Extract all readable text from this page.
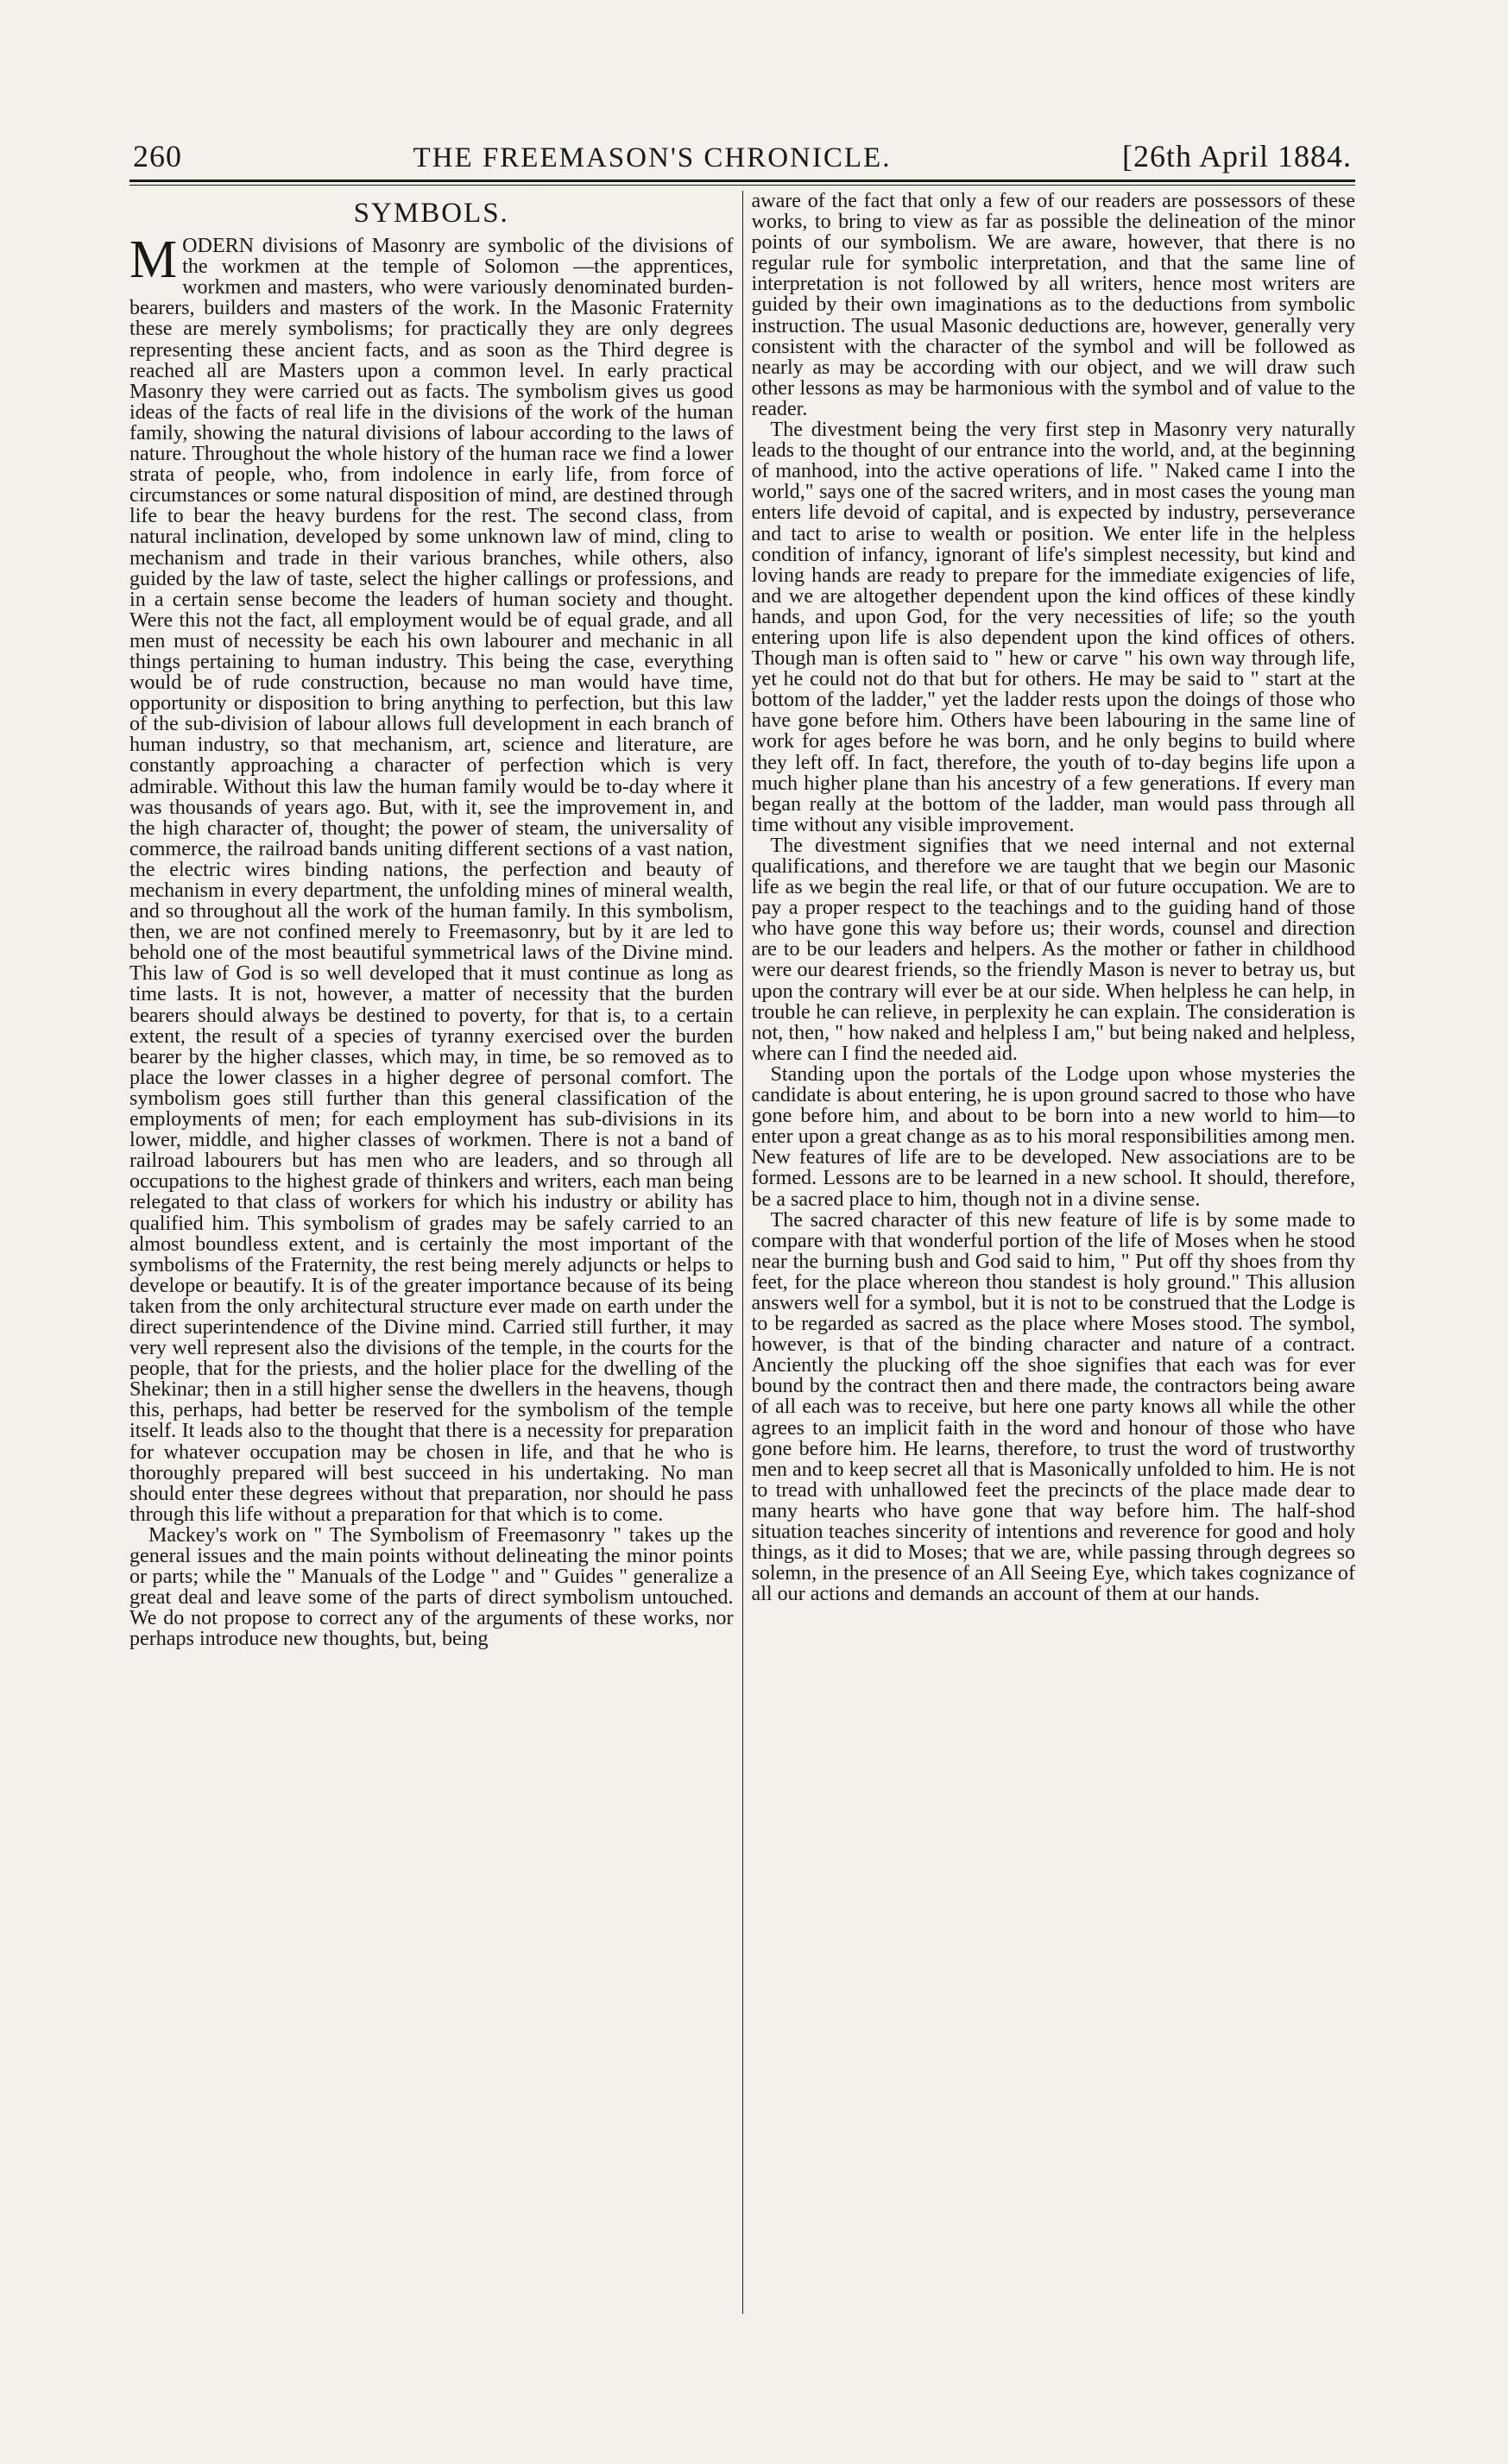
260	THE FREEMASON'S CHRONICLE.	[26th April 1884.
SYMBOLS.

MODERN divisions of Masonry are symbolic of the divisions of the workmen at the temple of Solomon —the apprentices, workmen and masters, who were variously denominated burden-bearers, builders and masters of the work. In the Masonic Fraternity these are merely symbolisms; for practically they are only degrees representing these ancient facts, and as soon as the Third degree is reached all are Masters upon a common level. In early practical Masonry they were carried out as facts. The symbolism gives us good ideas of the facts of real life in the divisions of the work of the human family, showing the natural divisions of labour according to the laws of nature. Throughout the whole history of the human race we find a lower strata of people, who, from indolence in early life, from force of circumstances or some natural disposition of mind, are destined through life to bear the heavy burdens for the rest. The second class, from natural inclination, developed by some unknown law of mind, cling to mechanism and trade in their various branches, while others, also guided by the law of taste, select the higher callings or professions, and in a certain sense become the leaders of human society and thought. Were this not the fact, all employment would be of equal grade, and all men must of necessity be each his own labourer and mechanic in all things pertaining to human industry. This being the case, everything would be of rude construction, because no man would have time, opportunity or disposition to bring anything to perfection, but this law of the sub-division of labour allows full development in each branch of human industry, so that mechanism, art, science and literature, are constantly approaching a character of perfection which is very admirable. Without this law the human family would be to-day where it was thousands of years ago. But, with it, see the improvement in, and the high character of, thought; the power of steam, the universality of commerce, the railroad bands uniting different sections of a vast nation, the electric wires binding nations, the perfection and beauty of mechanism in every department, the unfolding mines of mineral wealth, and so throughout all the work of the human family. In this symbolism, then, we are not confined merely to Freemasonry, but by it are led to behold one of the most beautiful symmetrical laws of the Divine mind. This law of God is so well developed that it must continue as long as time lasts. It is not, however, a matter of necessity that the burden bearers should always be destined to poverty, for that is, to a certain extent, the result of a species of tyranny exercised over the burden bearer by the higher classes, which may, in time, be so removed as to place the lower classes in a higher degree of personal comfort. The symbolism goes still further than this general classification of the employments of men; for each employment has sub-divisions in its lower, middle, and higher classes of workmen. There is not a band of railroad labourers but has men who are leaders, and so through all occupations to the highest grade of thinkers and writers, each man being relegated to that class of workers for which his industry or ability has qualified him. This symbolism of grades may be safely carried to an almost boundless extent, and is certainly the most important of the symbolisms of the Fraternity, the rest being merely adjuncts or helps to develope or beautify. It is of the greater importance because of its being taken from the only architectural structure ever made on earth under the direct superintendence of the Divine mind. Carried still further, it may very well represent also the divisions of the temple, in the courts for the people, that for the priests, and the holier place for the dwelling of the Shekinar; then in a still higher sense the dwellers in the heavens, though this, perhaps, had better be reserved for the symbolism of the temple itself. It leads also to the thought that there is a necessity for preparation for whatever occupation may be chosen in life, and that he who is thoroughly prepared will best succeed in his undertaking. No man should enter these degrees without that preparation, nor should he pass through this life without a preparation for that which is to come.

Mackey's work on " The Symbolism of Freemasonry " takes up the general issues and the main points without delineating the minor points or parts; while the " Manuals of the Lodge " and " Guides " generalize a great deal and leave some of the parts of direct symbolism untouched. We do not propose to correct any of the arguments of these works, nor perhaps introduce new thoughts, but, being

aware of the fact that only a few of our readers are possessors of these works, to bring to view as far as possible the delineation of the minor points of our symbolism. We are aware, however, that there is no regular rule for symbolic interpretation, and that the same line of interpretation is not followed by all writers, hence most writers are guided by their own imaginations as to the deductions from symbolic instruction. The usual Masonic deductions are, however, generally very consistent with the character of the symbol and will be followed as nearly as may be according with our object, and we will draw such other lessons as may be harmonious with the symbol and of value to the reader.

The divestment being the very first step in Masonry very naturally leads to the thought of our entrance into the world, and, at the beginning of manhood, into the active operations of life. " Naked came I into the world," says one of the sacred writers, and in most cases the young man enters life devoid of capital, and is expected by industry, perseverance and tact to arise to wealth or position. We enter life in the helpless condition of infancy, ignorant of life's simplest necessity, but kind and loving hands are ready to prepare for the immediate exigencies of life, and we are altogether dependent upon the kind offices of these kindly hands, and upon God, for the very necessities of life; so the youth entering upon life is also dependent upon the kind offices of others. Though man is often said to " hew or carve " his own way through life, yet he could not do that but for others. He may be said to " start at the bottom of the ladder," yet the ladder rests upon the doings of those who have gone before him. Others have been labouring in the same line of work for ages before he was born, and he only begins to build where they left off. In fact, therefore, the youth of to-day begins life upon a much higher plane than his ancestry of a few generations. If every man began really at the bottom of the ladder, man would pass through all time without any visible improvement.

The divestment signifies that we need internal and not external qualifications, and therefore we are taught that we begin our Masonic life as we begin the real life, or that of our future occupation. We are to pay a proper respect to the teachings and to the guiding hand of those who have gone this way before us; their words, counsel and direction are to be our leaders and helpers. As the mother or father in childhood were our dearest friends, so the friendly Mason is never to betray us, but upon the contrary will ever be at our side. When helpless he can help, in trouble he can relieve, in perplexity he can explain. The consideration is not, then, " how naked and helpless I am," but being naked and helpless, where can I find the needed aid.

Standing upon the portals of the Lodge upon whose mysteries the candidate is about entering, he is upon ground sacred to those who have gone before him, and about to be born into a new world to him—to enter upon a great change as as to his moral responsibilities among men. New features of life are to be developed. New associations are to be formed. Lessons are to be learned in a new school. It should, therefore, be a sacred place to him, though not in a divine sense.

The sacred character of this new feature of life is by some made to compare with that wonderful portion of the life of Moses when he stood near the burning bush and God said to him, " Put off thy shoes from thy feet, for the place whereon thou standest is holy ground." This allusion answers well for a symbol, but it is not to be construed that the Lodge is to be regarded as sacred as the place where Moses stood. The symbol, however, is that of the binding character and nature of a contract. Anciently the plucking off the shoe signifies that each was for ever bound by the contract then and there made, the contractors being aware of all each was to receive, but here one party knows all while the other agrees to an implicit faith in the word and honour of those who have gone before him. He learns, therefore, to trust the word of trustworthy men and to keep secret all that is Masonically unfolded to him. He is not to tread with unhallowed feet the precincts of the place made dear to many hearts who have gone that way before him. The half-shod situation teaches sincerity of intentions and reverence for good and holy things, as it did to Moses; that we are, while passing through degrees so solemn, in the presence of an All Seeing Eye, which takes cognizance of all our actions and demands an account of them at our hands.
